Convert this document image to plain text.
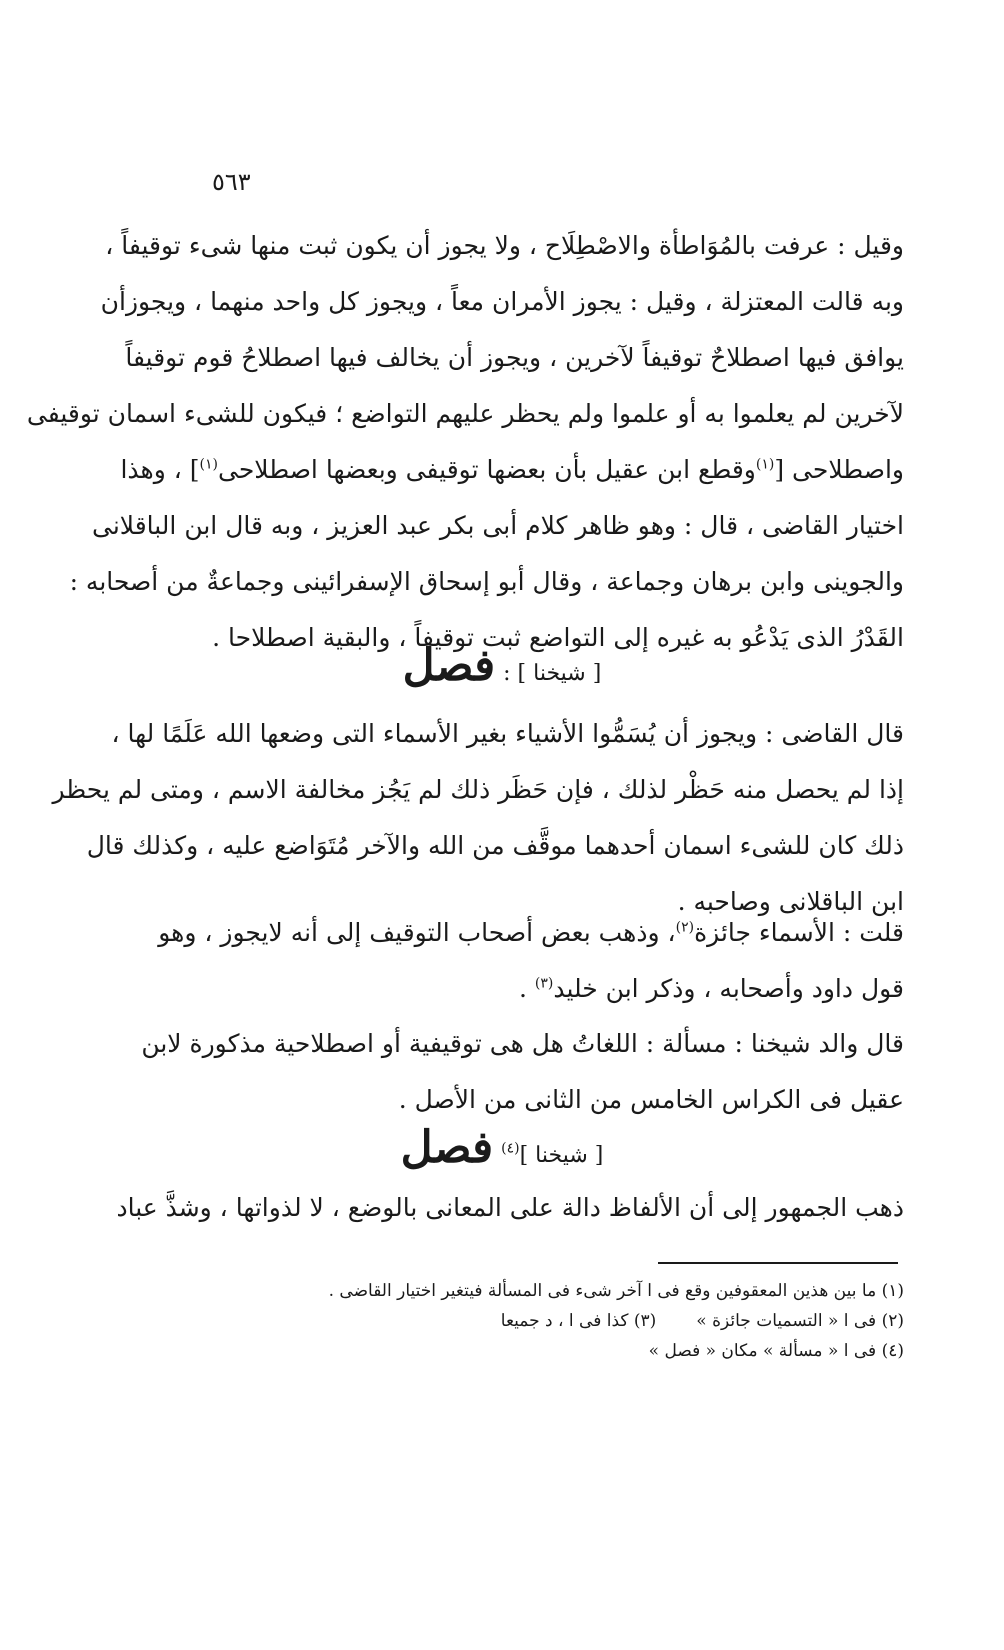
٥٦٣
وقيل : عرفت بالمُوَاطأة والاصْطِلَاح ، ولا يجوز أن يكون ثبت منها شىء توقيفاً ،
وبه قالت المعتزلة ، وقيل : يجوز الأمران معاً ، ويجوز كل واحد منهما ، ويجوزأن
يوافق فيها اصطلاحٌ توقيفاً لآخرين ، ويجوز أن يخالف فيها اصطلاحُ قوم توقيفاً
لآخرين لم يعلموا به أو علموا ولم يحظر عليهم التواضع ؛ فيكون للشىء اسمان توقيفى
واصطلاحى [$^{(١)}$وقطع ابن عقيل بأن بعضها توقيفى وبعضها اصطلاحى$^{(١)}$] ، وهذا
اختيار القاضى ، قال : وهو ظاهر كلام أبى بكر عبد العزيز ، وبه قال ابن الباقلانى
والجوينى وابن برهان وجماعة ، وقال أبو إسحاق الإسفرائينى وجماعةٌ من أصحابه :
القَدْرُ الذى يَدْعُو به غيره إلى التواضع ثبت توقيفاً ، والبقية اصطلاحا .
[ شيخنا ] : فصل
قال القاضى : ويجوز أن يُسَمُّوا الأشياء بغير الأسماء التى وضعها الله عَلَمًا لها ،
إذا لم يحصل منه حَظْر لذلك ، فإن حَظَر ذلك لم يَجُز مخالفة الاسم ، ومتى لم يحظر
ذلك كان للشىء اسمان أحدهما موقَّف من الله والآخر مُتَوَاضع عليه ، وكذلك قال
ابن الباقلانى وصاحبه .
قلت : الأسماء جائزة$^{(٢)}$، وذهب بعض أصحاب التوقيف إلى أنه لايجوز ، وهو
قول داود وأصحابه ، وذكر ابن خليد$^{(٣)}$ .
قال والد شيخنا : مسألة : اللغاتُ هل هى توقيفية أو اصطلاحية مذكورة لابن
عقيل فى الكراس الخامس من الثانى من الأصل .
[ شيخنا ]$^{(٤)}$ فصل
ذهب الجمهور إلى أن الألفاظ دالة على المعانى بالوضع ، لا لذواتها ، وشذَّ عباد
(١) ما بين هذين المعقوفين وقع فى ا آخر شىء فى المسألة فيتغير اختيار القاضى .
(٢) فى ا « التسميات جائزة »(٣) كذا فى ا ، د جميعا
(٤) فى ا « مسألة » مكان « فصل »
